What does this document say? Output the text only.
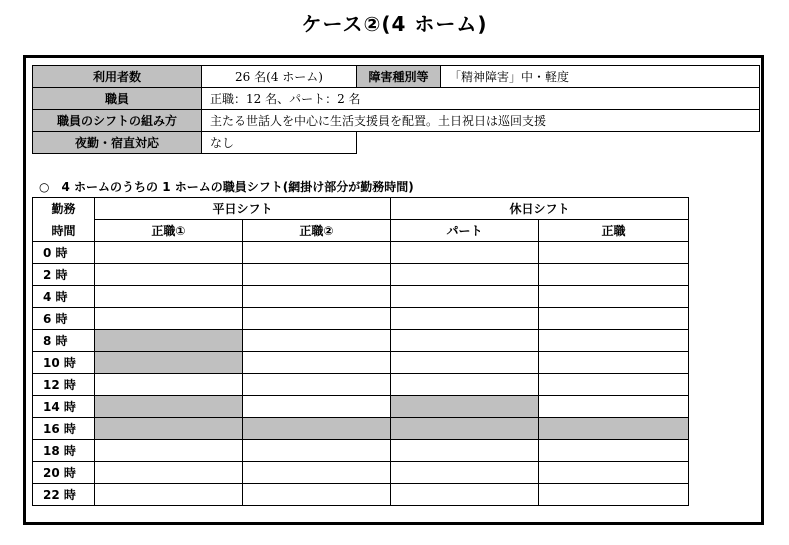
ケース②(4 ホーム)
利用者数	26 名(4 ホーム)	障害種別等	「精神障害」中・軽度
職員	正職：12 名、パート：2 名		
職員のシフトの組み方	主たる世話人を中心に生活支援員を配置。土日祝日は巡回支援		
夜勤・宿直対応	なし		
○ 4 ホームのうちの 1 ホームの職員シフト(網掛け部分が勤務時間)
勤務	平日シフト		休日シフト	
時間	正職①	正職②	パート	正職
0 時				
2 時				
4 時				
6 時				
8 時				
10 時				
12 時				
14 時				
16 時				
18 時				
20 時				
22 時				
